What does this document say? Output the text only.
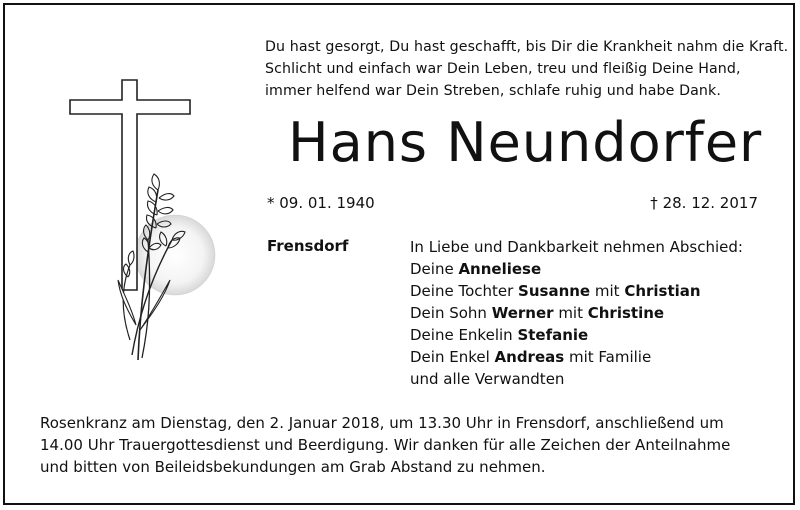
Du hast gesorgt, Du hast geschafft, bis Dir die Krankheit nahm die Kraft.
Schlicht und einfach war Dein Leben, treu und fleißig Deine Hand,
immer helfend war Dein Streben, schlafe ruhig und habe Dank.
Hans Neundorfer
* 09. 01. 1940	† 28. 12. 2017
Frensdorf	In Liebe und Dankbarkeit nehmen Abschied:
Deine Anneliese
Deine Tochter Susanne mit Christian
Dein Sohn Werner mit Christine
Deine Enkelin Stefanie
Dein Enkel Andreas mit Familie
und alle Verwandten
Rosenkranz am Dienstag, den 2. Januar 2018, um 13.30 Uhr in Frensdorf, anschließend um
14.00 Uhr Trauergottesdienst und Beerdigung. Wir danken für alle Zeichen der Anteilnahme
und bitten von Beileidsbekundungen am Grab Abstand zu nehmen.
